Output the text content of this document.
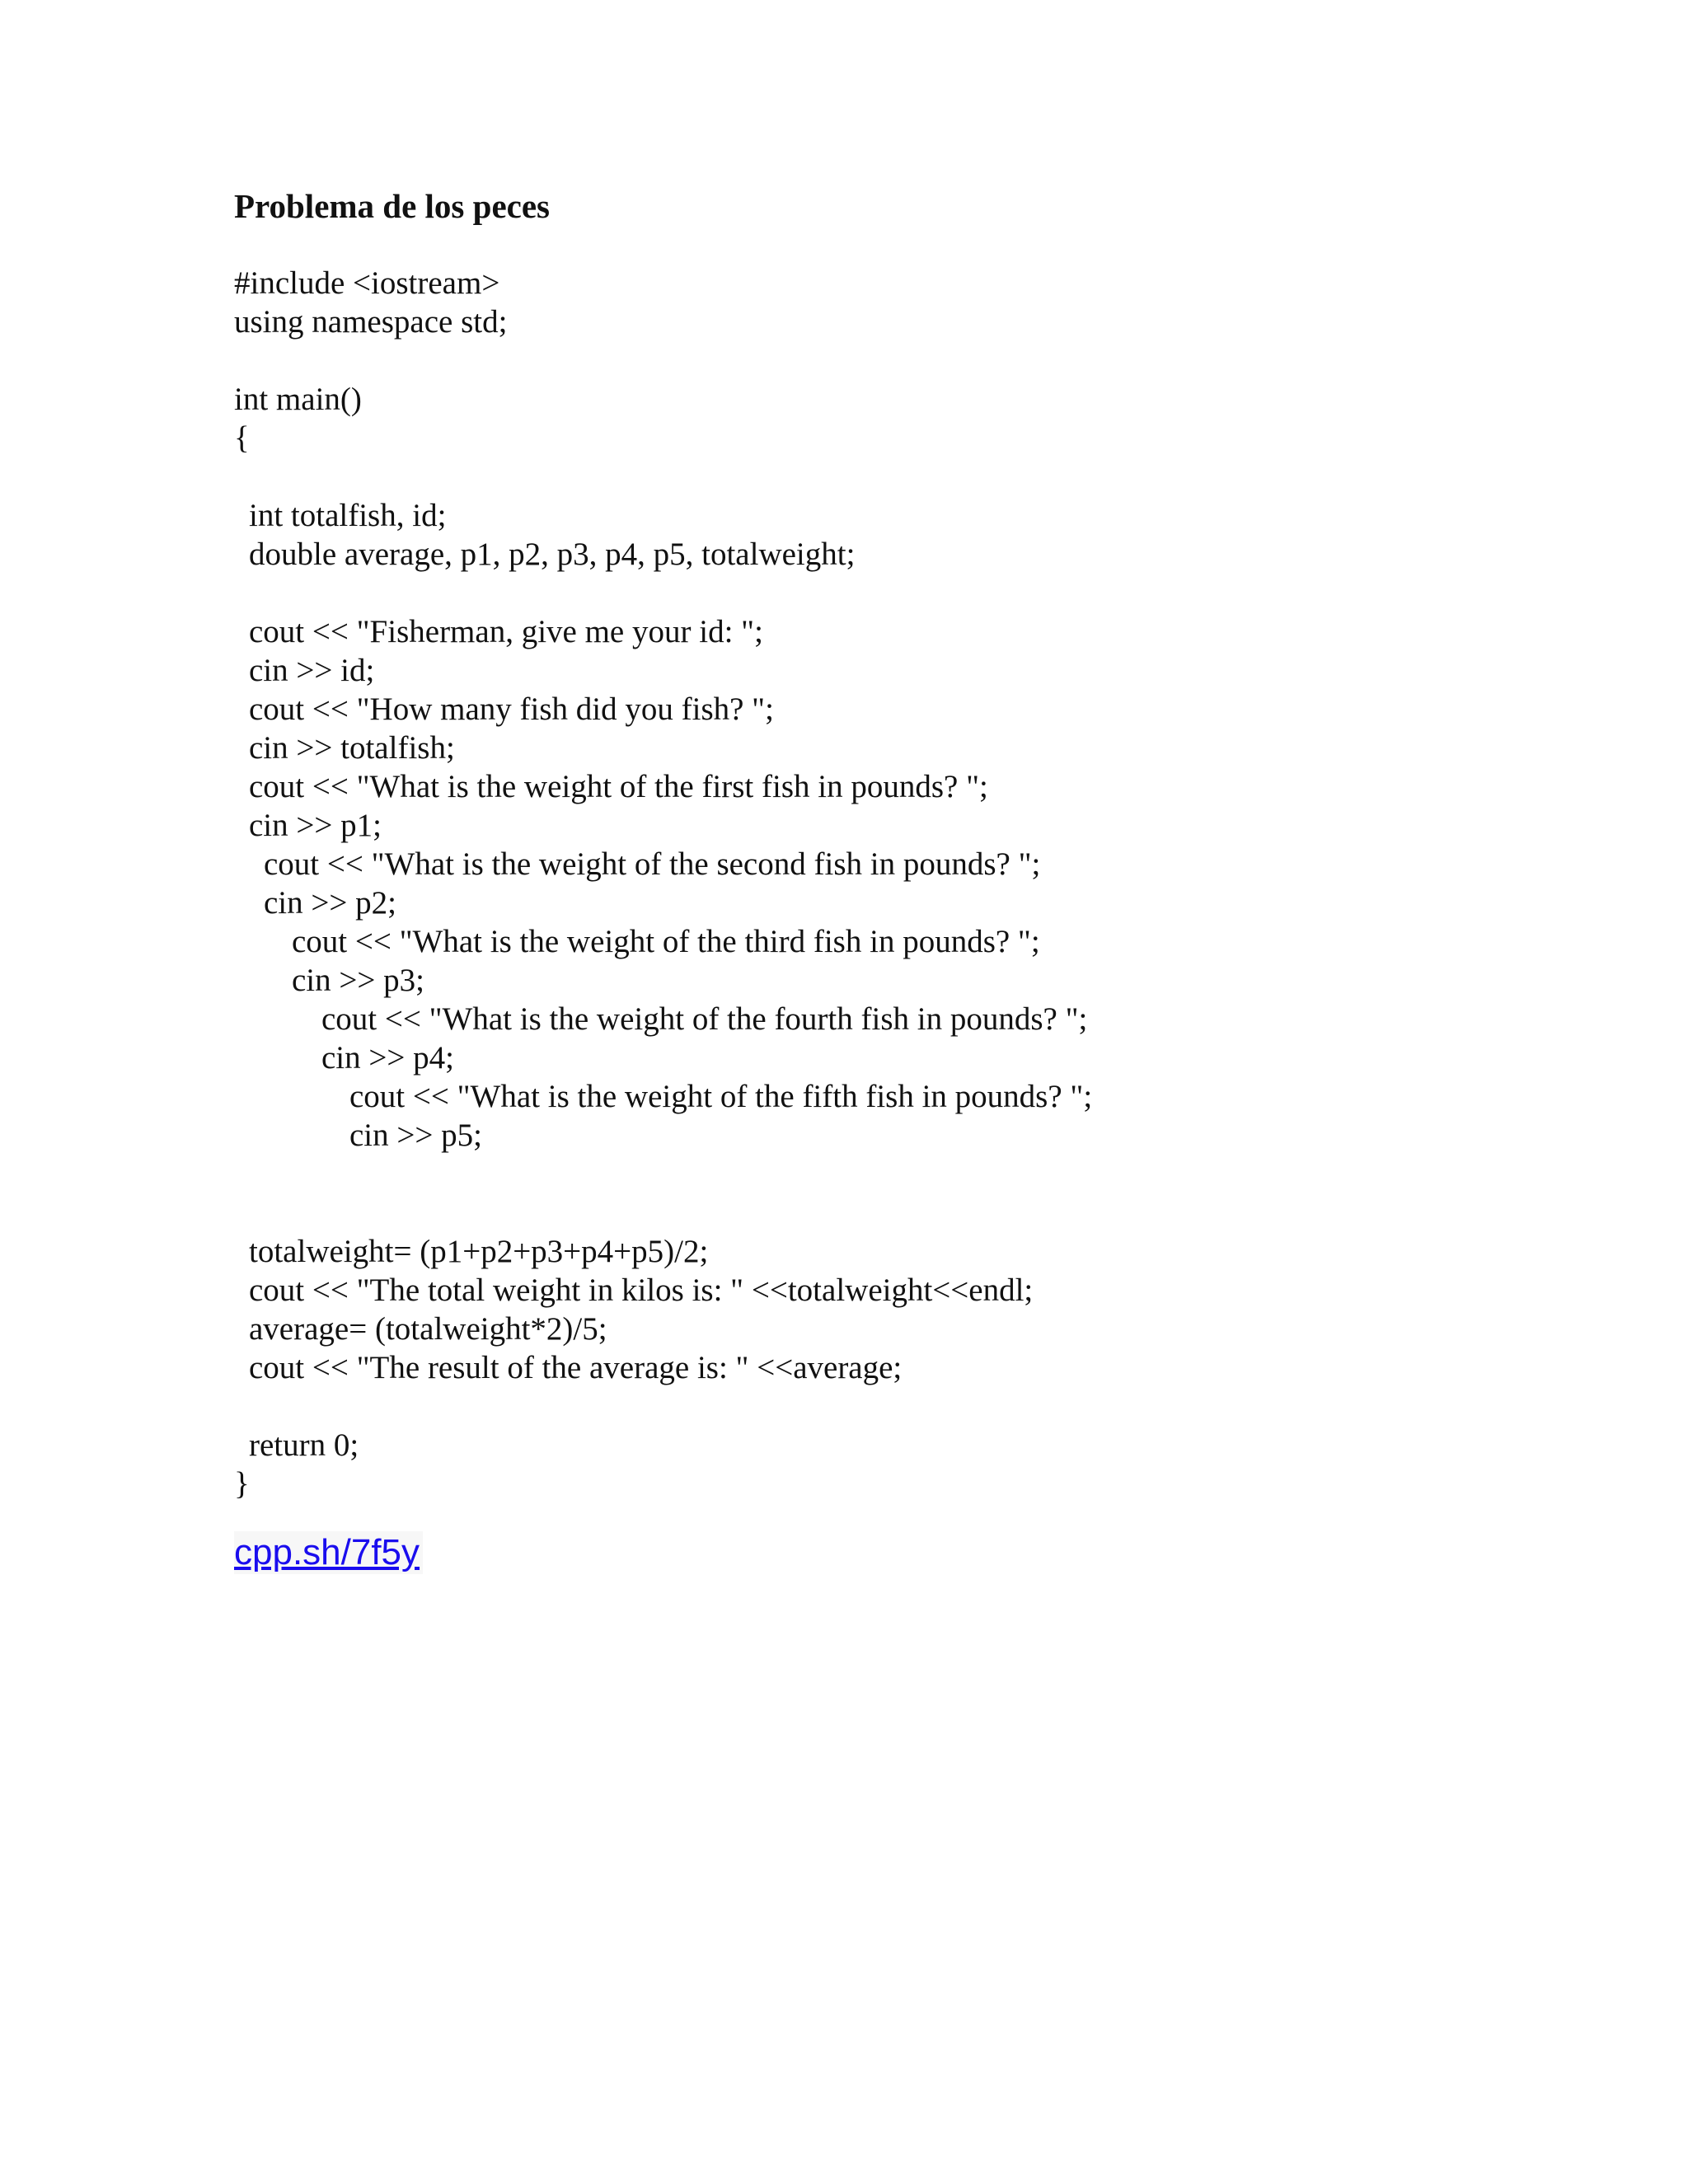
Problema de los peces
#include <iostream>
using namespace std;
int main()
{
int totalfish, id;
double average, p1, p2, p3, p4, p5, totalweight;
cout << "Fisherman, give me your id: ";
cin >> id;
cout << "How many fish did you fish? ";
cin >> totalfish;
cout << "What is the weight of the first fish in pounds? ";
cin >> p1;
cout << "What is the weight of the second fish in pounds? ";
cin >> p2;
cout << "What is the weight of the third fish in pounds? ";
cin >> p3;
cout << "What is the weight of the fourth fish in pounds? ";
cin >> p4;
cout << "What is the weight of the fifth fish in pounds? ";
cin >> p5;
totalweight= (p1+p2+p3+p4+p5)/2;
cout << "The total weight in kilos is: " <<totalweight<<endl;
average= (totalweight*2)/5;
cout << "The result of the average is: " <<average;
return 0;
}
cpp.sh/7f5y
